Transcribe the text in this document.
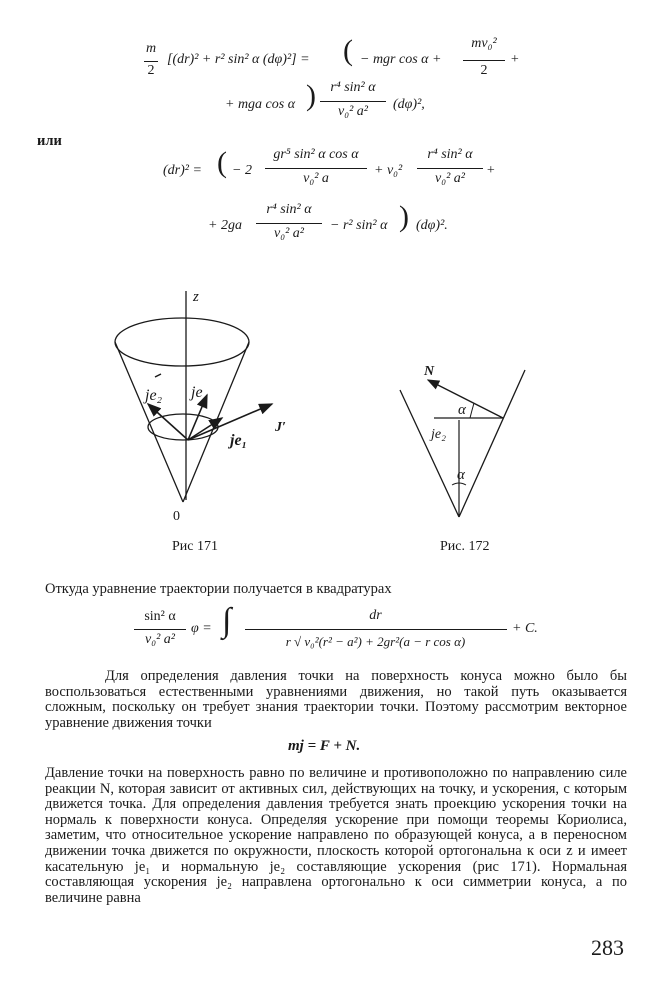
m
2
[(dr)² + r² sin² α (dφ)²] = ( − mgr cos α +
mv₀²
2
+
+ mga cos α )	r⁴ sin² α
v₀² a²	(dφ)²,
или
(dr)² = ( − 2
gr⁵ sin² α cos α
v₀² a
+ v₀²
r⁴ sin² α
v₀² a²
+
+ 2ga
r⁴ sin² α
v₀² a²
− r² sin² α ) (dφ)².
z
je₂ je
J′
je₁
0
N
α
je₂
α
Рис 171	Рис. 172
Откуда уравнение траектории получается в квадратурах
sin² α
v₀² a²
φ = ∫	dr
r √ v₀²(r² − a²) + 2gr²(a − r cos α)
+ C.
Для определения давления точки на поверхность конуса можно было бы воспользоваться естественными уравнениями движения, но такой путь оказывается сложным, поскольку он требует знания траектории точки. Поэтому рассмотрим векторное уравнение движения точки
mj = F + N.
Давление точки на поверхность равно по величине и противоположно по направлению силе реакции N, которая зависит от активных сил, действующих на точку, и ускорения, с которым движется точка. Для определения давления требуется знать проекцию ускорения точки на нормаль к поверхности конуса. Определяя ускорение при помощи теоремы Кориолиса, заметим, что относительное ускорение направлено по образующей конуса, а в переносном движении точка движется по окружности, плоскость которой ортогональна к оси z и имеет касательную je₁ и нормальную je₂ составляющие ускорения (рис 171). Нормальная составляющая ускорения je₂ направлена ортогонально к оси симметрии конуса, а по величине равна
283
